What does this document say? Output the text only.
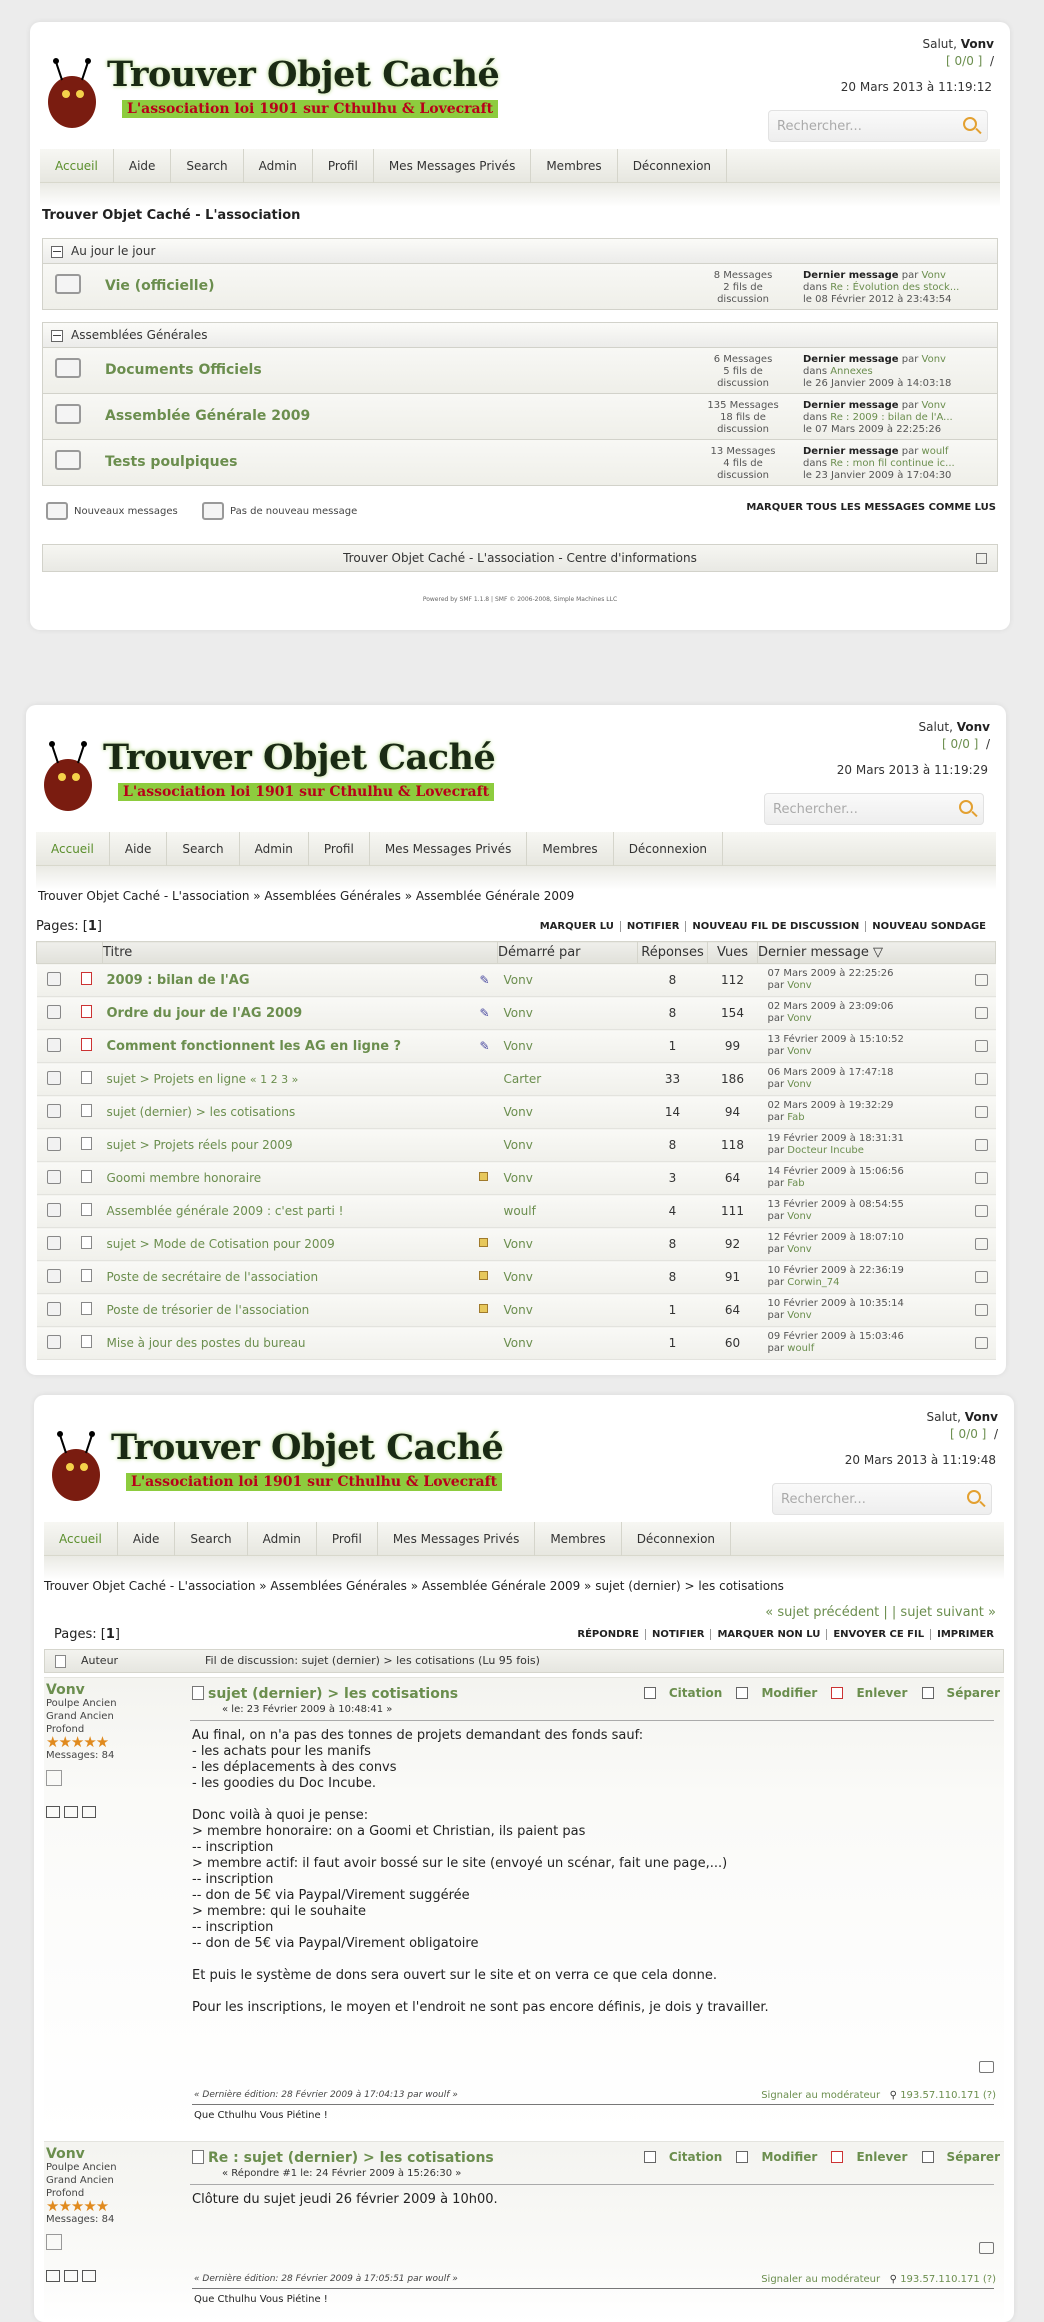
Trouver Objet Caché
L'association loi 1901 sur Cthulhu & Lovecraft
Salut, Vonv
[ 0/0 ]  /
20 Mars 2013 à 11:19:12
Rechercher...
Accueil	Aide	Search	Admin	Profil	Mes Messages Privés	Membres	Déconnexion
Trouver Objet Caché - L'association
Au jour le jour
Vie (officielle)
8 Messages
2 fils de
discussion
Dernier message par Vonv
dans Re : Évolution des stock...
le 08 Février 2012 à 23:43:54
Assemblées Générales
Documents Officiels
6 Messages
5 fils de
discussion
Dernier message par Vonv
dans Annexes
le 26 Janvier 2009 à 14:03:18
Assemblée Générale 2009
135 Messages
18 fils de
discussion
Dernier message par Vonv
dans Re : 2009 : bilan de l'A...
le 07 Mars 2009 à 22:25:26
Tests poulpiques
13 Messages
4 fils de
discussion
Dernier message par woulf
dans Re : mon fil continue ic...
le 23 Janvier 2009 à 17:04:30
Nouveaux messages	Pas de nouveau message	MARQUER TOUS LES MESSAGES COMME LUS
Trouver Objet Caché - L'association - Centre d'informations
Powered by SMF 1.1.8 | SMF © 2006-2008, Simple Machines LLC
Trouver Objet Caché
L'association loi 1901 sur Cthulhu & Lovecraft
Salut, Vonv
[ 0/0 ]  /
20 Mars 2013 à 11:19:29
Rechercher...
Accueil	Aide	Search	Admin	Profil	Mes Messages Privés	Membres	Déconnexion
Trouver Objet Caché - L'association » Assemblées Générales » Assemblée Générale 2009
Pages: [1]	MARQUER LU NOTIFIER NOUVEAU FIL DE DISCUSSION NOUVEAU SONDAGE
		Titre	Démarré par	Réponses	Vues	Dernier message ▽
		2009 : bilan de l'AG ✎	Vonv	8	112	07 Mars 2009 à 22:25:26
par Vonv

		Ordre du jour de l'AG 2009 ✎	Vonv	8	154	02 Mars 2009 à 23:09:06
par Vonv

		Comment fonctionnent les AG en ligne ? ✎	Vonv	1	99	13 Février 2009 à 15:10:52
par Vonv

		sujet > Projets en ligne « 1 2 3 »	Carter	33	186	06 Mars 2009 à 17:47:18
par Vonv

		sujet (dernier) > les cotisations	Vonv	14	94	02 Mars 2009 à 19:32:29
par Fab

		sujet > Projets réels pour 2009	Vonv	8	118	19 Février 2009 à 18:31:31
par Docteur Incube

		Goomi membre honoraire	Vonv	3	64	14 Février 2009 à 15:06:56
par Fab

		Assemblée générale 2009 : c'est parti !	woulf	4	111	13 Février 2009 à 08:54:55
par Vonv

		sujet > Mode de Cotisation pour 2009	Vonv	8	92	12 Février 2009 à 18:07:10
par Vonv

		Poste de secrétaire de l'association	Vonv	8	91	10 Février 2009 à 22:36:19
par Corwin_74

		Poste de trésorier de l'association	Vonv	1	64	10 Février 2009 à 10:35:14
par Vonv

		Mise à jour des postes du bureau	Vonv	1	60	09 Février 2009 à 15:03:46
par woulf
Trouver Objet Caché
L'association loi 1901 sur Cthulhu & Lovecraft
Salut, Vonv
[ 0/0 ]  /
20 Mars 2013 à 11:19:48
Rechercher...
Accueil	Aide	Search	Admin	Profil	Mes Messages Privés	Membres	Déconnexion
Trouver Objet Caché - L'association » Assemblées Générales » Assemblée Générale 2009 » sujet (dernier) > les cotisations
« sujet précédent | | sujet suivant »
Pages: [1]	RÉPONDRE NOTIFIER MARQUER NON LU ENVOYER CE FIL IMPRIMER
Auteur	Fil de discussion: sujet (dernier) > les cotisations (Lu 95 fois)
Vonv
Poulpe Ancien
Grand Ancien
Profond
★★★★★
Messages: 84
sujet (dernier) > les cotisations
« le: 23 Février 2009 à 10:48:41 »
Citation	Modifier	Enlever	Séparer
Au final, on n'a pas des tonnes de projets demandant des fonds sauf:
- les achats pour les manifs
- les déplacements à des convs
- les goodies du Doc Incube.

Donc voilà à quoi je pense:
> membre honoraire: on a Goomi et Christian, ils paient pas
-- inscription
> membre actif: il faut avoir bossé sur le site (envoyé un scénar, fait une page,...)
-- inscription
-- don de 5€ via Paypal/Virement suggérée
> membre: qui le souhaite
-- inscription
-- don de 5€ via Paypal/Virement obligatoire

Et puis le système de dons sera ouvert sur le site et on verra ce que cela donne.

Pour les inscriptions, le moyen et l'endroit ne sont pas encore définis, je dois y travailler.
« Dernière édition: 28 Février 2009 à 17:04:13 par woulf »	Signaler au modérateur ⚲ 193.57.110.171 (?)
Que Cthulhu Vous Piétine !
Vonv
Poulpe Ancien
Grand Ancien
Profond
★★★★★
Messages: 84
Re : sujet (dernier) > les cotisations
« Répondre #1 le: 24 Février 2009 à 15:26:30 »
Citation	Modifier	Enlever	Séparer
Clôture du sujet jeudi 26 février 2009 à 10h00.
« Dernière édition: 28 Février 2009 à 17:05:51 par woulf »	Signaler au modérateur ⚲ 193.57.110.171 (?)
Que Cthulhu Vous Piétine !
